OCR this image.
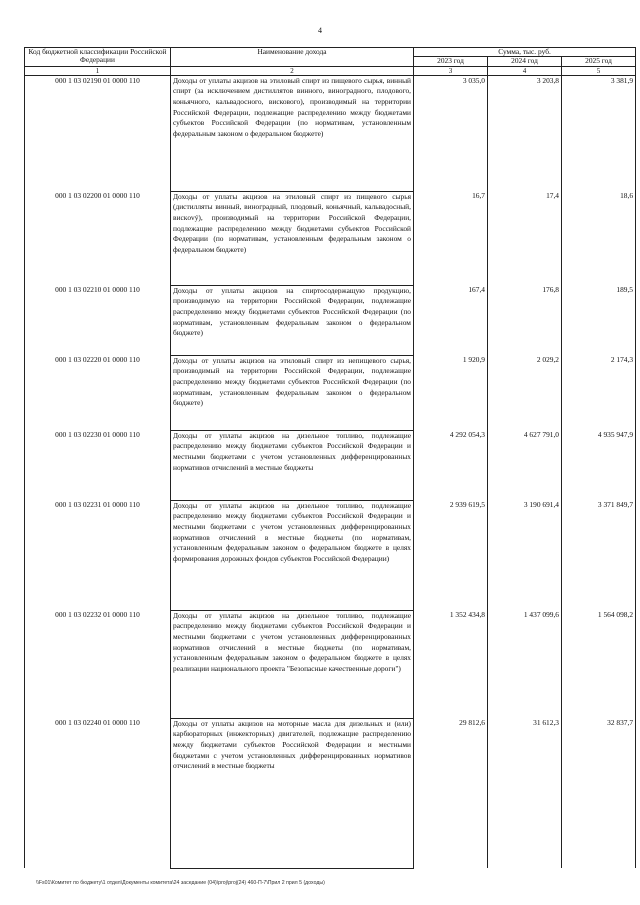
4
Код бюджетной классификации Российской Федерации	Наименование дохода	Сумма, тыс. руб.		
		2023 год	2024 год	2025 год
1	2	3	4	5
000 1 03 02190 01 0000 110	Доходы от уплаты акцизов на этиловый спирт из пищевого сырья, винный спирт (за исключением дистиллятов винного, виноградного, плодового, коньячного, кальвадосного, вискового), производимый на территории Российской Федерации, подлежащие распределению между бюджетами субъектов Российской Федерации (по нормативам, установленным федеральным законом о федеральном бюджете)	3 035,0	3 203,8	3 381,9
000 1 03 02200 01 0000 110	Доходы от уплаты акцизов на этиловый спирт из пищевого сырья (дистилляты винный, виноградный, плодовый, коньячный, кальвадосный, вискový), производимый на территории Российской Федерации, подлежащие распределению между бюджетами субъектов Российской Федерации (по нормативам, установленным федеральным законом о федеральном бюджете)	16,7	17,4	18,6
000 1 03 02210 01 0000 110	Доходы от уплаты акцизов на спиртосодержащую продукцию, производимую на территории Российской Федерации, подлежащие распределению между бюджетами субъектов Российской Федерации (по нормативам, установленным федеральным законом о федеральном бюджете)	167,4	176,8	189,5
000 1 03 02220 01 0000 110	Доходы от уплаты акцизов на этиловый спирт из непищевого сырья, производимый на территории Российской Федерации, подлежащие распределению между бюджетами субъектов Российской Федерации (по нормативам, установленным федеральным законом о федеральном бюджете)	1 920,9	2 029,2	2 174,3
000 1 03 02230 01 0000 110	Доходы от уплаты акцизов на дизельное топливо, подлежащие распределению между бюджетами субъектов Российской Федерации и местными бюджетами с учетом установленных дифференцированных нормативов отчислений в местные бюджеты	4 292 054,3	4 627 791,0	4 935 947,9
000 1 03 02231 01 0000 110	Доходы от уплаты акцизов на дизельное топливо, подлежащие распределению между бюджетами субъектов Российской Федерации и местными бюджетами с учетом установленных дифференцированных нормативов отчислений в местные бюджеты (по нормативам, установленным федеральным законом о федеральном бюджете в целях формирования дорожных фондов субъектов Российской Федерации)	2 939 619,5	3 190 691,4	3 371 849,7
000 1 03 02232 01 0000 110	Доходы от уплаты акцизов на дизельное топливо, подлежащие распределению между бюджетами субъектов Российской Федерации и местными бюджетами с учетом установленных дифференцированных нормативов отчислений в местные бюджеты (по нормативам, установленным федеральным законом о федеральном бюджете в целях реализации национального проекта "Безопасные качественные дороги")	1 352 434,8	1 437 099,6	1 564 098,2
000 1 03 02240 01 0000 110	Доходы от уплаты акцизов на моторные масла для дизельных и (или) карбюраторных (инжекторных) двигателей, подлежащие распределению между бюджетами субъектов Российской Федерации и местными бюджетами с учетом установленных дифференцированных нормативов отчислений в местные бюджеты	29 812,6	31 612,3	32 837,7
\\Fs01\Комитет по бюджету\1 отдел\Документы комитета\24 заседание (04)\proj\proj(24) 460-П-7\Прил 2 прил 5 (доходы)
